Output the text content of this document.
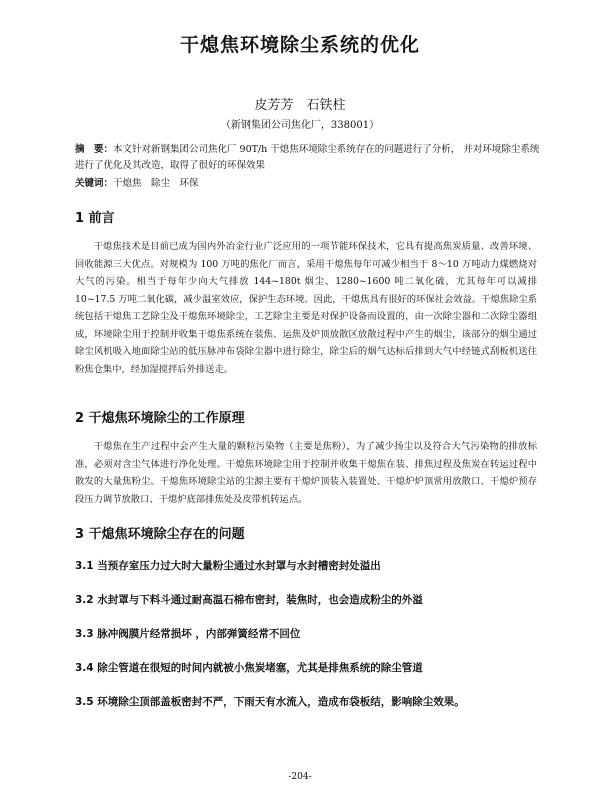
干熄焦环境除尘系统的优化
皮芳芳　石铁柱
（新钢集团公司焦化厂，338001）
摘　要：本文针对新钢集团公司焦化厂 90T/h 干熄焦环境除尘系统存在的问题进行了分析， 并对环境除尘系统进行了优化及其改造，取得了很好的环保效果
关键词：干熄焦　除尘　环保
1 前言
干熄焦技术是目前已成为国内外冶金行业广泛应用的一项节能环保技术，它具有提高焦炭质量、改善环境、回收能源三大优点。对规模为 100 万吨的焦化厂而言，采用干熄焦每年可减少相当于 8～10 万吨动力煤燃烧对大气的污染。相当于每年少向大气排放 144~180t 烟尘、1280~1600 吨二氧化硫，尤其每年可以减排 10~17.5 万吨二氧化碳，减少温室效应，保护生态环境。因此，干熄焦具有很好的环保社会效益。干熄焦除尘系统包括干熄焦工艺除尘及干熄焦环境除尘，工艺除尘主要是对保护设备而设置的，由一次除尘器和二次除尘器组成，环境除尘用于控制并收集干熄焦系统在装焦、运焦及炉顶放散区放散过程中产生的烟尘，该部分的烟尘通过除尘风机吸入地面除尘站的低压脉冲布袋除尘器中进行除尘，除尘后的烟气达标后排到大气中经链式刮板机送往粉焦仓集中，经加湿搅拌后外排送走。
2 干熄焦环境除尘的工作原理
干熄焦在生产过程中会产生大量的颗粒污染物（主要是焦粉），为了减少扬尘以及符合大气污染物的排放标准，必须对含尘气体进行净化处理。干熄焦环境除尘用于控制并收集干熄焦在装、排焦过程及焦炭在转运过程中散发的大量焦粉尘。干熄焦环境除尘站的尘源主要有干熄炉顶装入装置处、干熄炉炉顶常用放散口、干熄炉预存段压力调节放散口、干熄炉底部排焦处及皮带机转运点。
3 干熄焦环境除尘存在的问题
3.1 当预存室压力过大时大量粉尘通过水封罩与水封槽密封处溢出
3.2 水封罩与下料斗通过耐高温石棉布密封，装焦时，也会造成粉尘的外溢
3.3 脉冲阀膜片经常损坏 ，内部弹簧经常不回位
3.4 除尘管道在很短的时间内就被小焦炭堵塞，尤其是排焦系统的除尘管道
3.5 环境除尘顶部盖板密封不严，下雨天有水流入，造成布袋板结，影响除尘效果。
-204-
